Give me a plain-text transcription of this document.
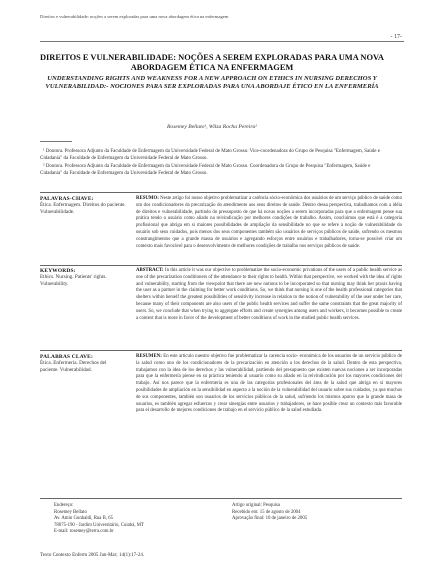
Direitos e vulnerabilidade: noções a serem exploradas para uma nova abordagem ética na enfermagem
- 17-
DIREITOS E VULNERABILIDADE: NOÇÕES A SEREM EXPLORADAS PARA UMA NOVA ABORDAGEM ÉTICA NA ENFERMAGEM
UNDERSTANDING RIGHTS AND WEAKNESS FOR A NEW APPROACH ON ETHICS IN NURSING DERECHOS Y VULNERABILIDAD:- NOCIONES PARA SER EXPLORADAS PARA UNA ABORDAJE ÉTICO EN LA ENFERMERÍA
Rosemey Bellato¹, Wilza Rocha Pereira²
¹ Doutora. Professora Adjunto da Faculdade de Enfermagem da Universidade Federal de Mato Grosso. Vice-coordenadora do Grupo de Pesquisa "Enfermagem, Saúde e Cidadania" da Faculdade de Enfermagem da Universidade Federal de Mato Grosso.
² Doutora. Professora Adjunto da Faculdade de Enfermagem da Universidade Federal de Mato Grosso. Coordenadora do Grupo de Pesquisa "Enfermagem, Saúde e Cidadania" da Faculdade de Enfermagem da Universidade Federal de Mato Grosso.
PALAVRAS-CHAVE:
Ética. Enfermagem. Direitos do paciente. Vulnerabilidade.
RESUMO: Neste artigo foi nosso objetivo problematizar a carência sócio-econômica dos usuários de um serviço público de saúde como um dos condicionadores da precarização do atendimento aos seus direitos de saúde. Dentro dessa perspectiva, trabalhamos com a idéia de direitos e vulnerabilidade, partindo do pressuposto de que há novas noções a serem incorporadas para que a enfermagem pense sua prática tendo o usuário como aliado na reivindicação por melhores condições de trabalho. Assim, concluímos que está é a categoria profissional que abriga em si maiores possibilidades de ampliação da sensibilidade no que se refere à noção de vulnerabilidade do usuário sob seus cuidados, pois menos dos seus componentes também são usuários de serviços públicos de saúde, sofrendo os mesmos constrangimentos que a grande massa de usuários e agregando esforços entre usuários e trabalhadores, torna-se possível criar um contexto mais favorável para o desenvolvimento de melhores condições de trabalho nos serviços públicos de saúde.
KEYWORDS:
Ethics. Nursing. Patients' rights. Vulnerability.
ABSTRACT: In this article it was our objective to problematize the socio-economic privations of the users of a public health service as one of the precarization conditioners of the attendance to their rights to health. Within that perspective, we worked with the idea of rights and vulnerability, starting from the viewpoint that there are new notions to be incorporated so that nursing may think her praxis having the user as a partner in the claiming for better work conditions. So, we think that nursing is one of the health professional categories that shelters within herself the greatest possibilities of sensitivity increase in relation to the notion of vulnerability of the user under her care, because many of their components are also users of the public health services and suffer the same constraints that the great majority of users. So, we conclude that when trying to aggregate efforts and create synergies among users and workers, it becomes possible to create a context that is more in favor of the development of better conditions of work in the studied public health services.
PALABRAS CLAVE:
Ética. Enfermería. Derechos del paciente. Vulnerabilidad.
RESUMEN: En este artículo nuestro objetivo fue problematizar la carencia socio- económica de los usuarios de un servicio público de la salud como uno de los condicionadores de la precarización en atención a los derechos de la salud. Dentro de esta perspectiva, trabajamos con la idea de los derechos y las vulnerabilidad, partiendo del presupuesto que existen nuevas nociones a ser incorporadas para que la enfermería piense en su práctica teniendo al usuario como su aliado en la reivindicación por los mayores condiciones del trabajo. Así nos parece que la enfermería es una de las categorías profesionales del área de la salud que abriga en sí mayores posibilidades de ampliación en la sensibilidad en aspecto a la noción de la vulnerabilidad del usuario sobre sus cuidados, ya que muchos de sus componentes, también son usuarios de los servicios públicos de la salud, sufriendo los mismos apuros que la grande masa de usuarios, es también agregar esfuerzos y crear sinergias entre usuarios y trabajadores, se hace posible crear un contexto más favorable para el desarrollo de mejores condiciones de trabajo en el servicio público de la salud estudiada.
Endereço:
Rosemey Bellato
Av. Amin Gunhaldi, Rua B, 65
78075-190 - Jardim Universitário, Cuiabá, MT
E-mail: rosemey@terra.com.br
Artigo original: Pesquisa
Recebido em: 15 de agosto de 2004
Aprovação final: 10 de janeiro de 2005
Texto Contexto Enferm 2005 Jan-Mar; 14(1):17-24.
